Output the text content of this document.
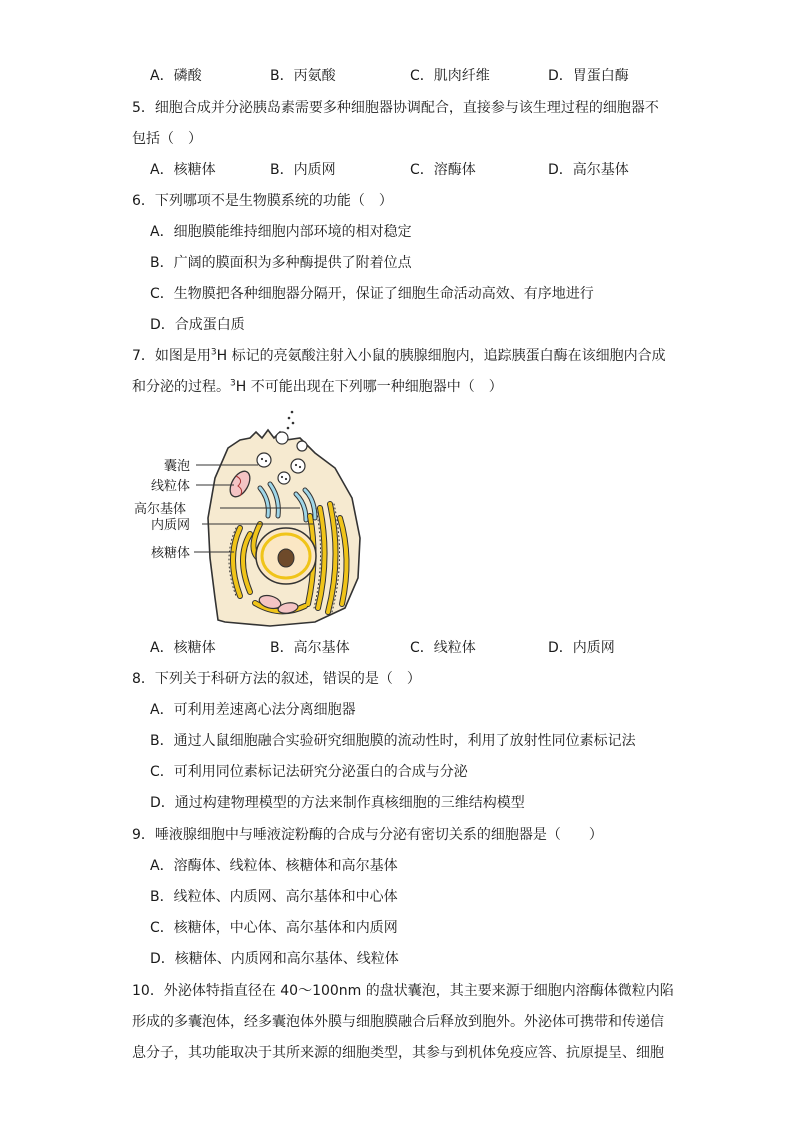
A．磷酸	B．丙氨酸	C．肌肉纤维	D．胃蛋白酶
5．细胞合成并分泌胰岛素需要多种细胞器协调配合，直接参与该生理过程的细胞器不
包括（　）
A．核糖体	B．内质网	C．溶酶体	D．高尔基体
6．下列哪项不是生物膜系统的功能（　）
A．细胞膜能维持细胞内部环境的相对稳定
B．广阔的膜面积为多种酶提供了附着位点
C．生物膜把各种细胞器分隔开，保证了细胞生命活动高效、有序地进行
D．合成蛋白质
7．如图是用$^3$H 标记的亮氨酸注射入小鼠的胰腺细胞内，追踪胰蛋白酶在该细胞内合成
和分泌的过程。$^3$H 不可能出现在下列哪一种细胞器中（　）
囊泡
线粒体
高尔基体
内质网
核糖体
A．核糖体	B．高尔基体	C．线粒体	D．内质网
8．下列关于科研方法的叙述，错误的是（　）
A．可利用差速离心法分离细胞器
B．通过人鼠细胞融合实验研究细胞膜的流动性时，利用了放射性同位素标记法
C．可利用同位素标记法研究分泌蛋白的合成与分泌
D．通过构建物理模型的方法来制作真核细胞的三维结构模型
9．唾液腺细胞中与唾液淀粉酶的合成与分泌有密切关系的细胞器是（　　）
A．溶酶体、线粒体、核糖体和高尔基体
B．线粒体、内质网、高尔基体和中心体
C．核糖体，中心体、高尔基体和内质网
D．核糖体、内质网和高尔基体、线粒体
10．外泌体特指直径在 40～100nm 的盘状囊泡，其主要来源于细胞内溶酶体微粒内陷
形成的多囊泡体，经多囊泡体外膜与细胞膜融合后释放到胞外。外泌体可携带和传递信
息分子，其功能取决于其所来源的细胞类型，其参与到机体免疫应答、抗原提呈、细胞
